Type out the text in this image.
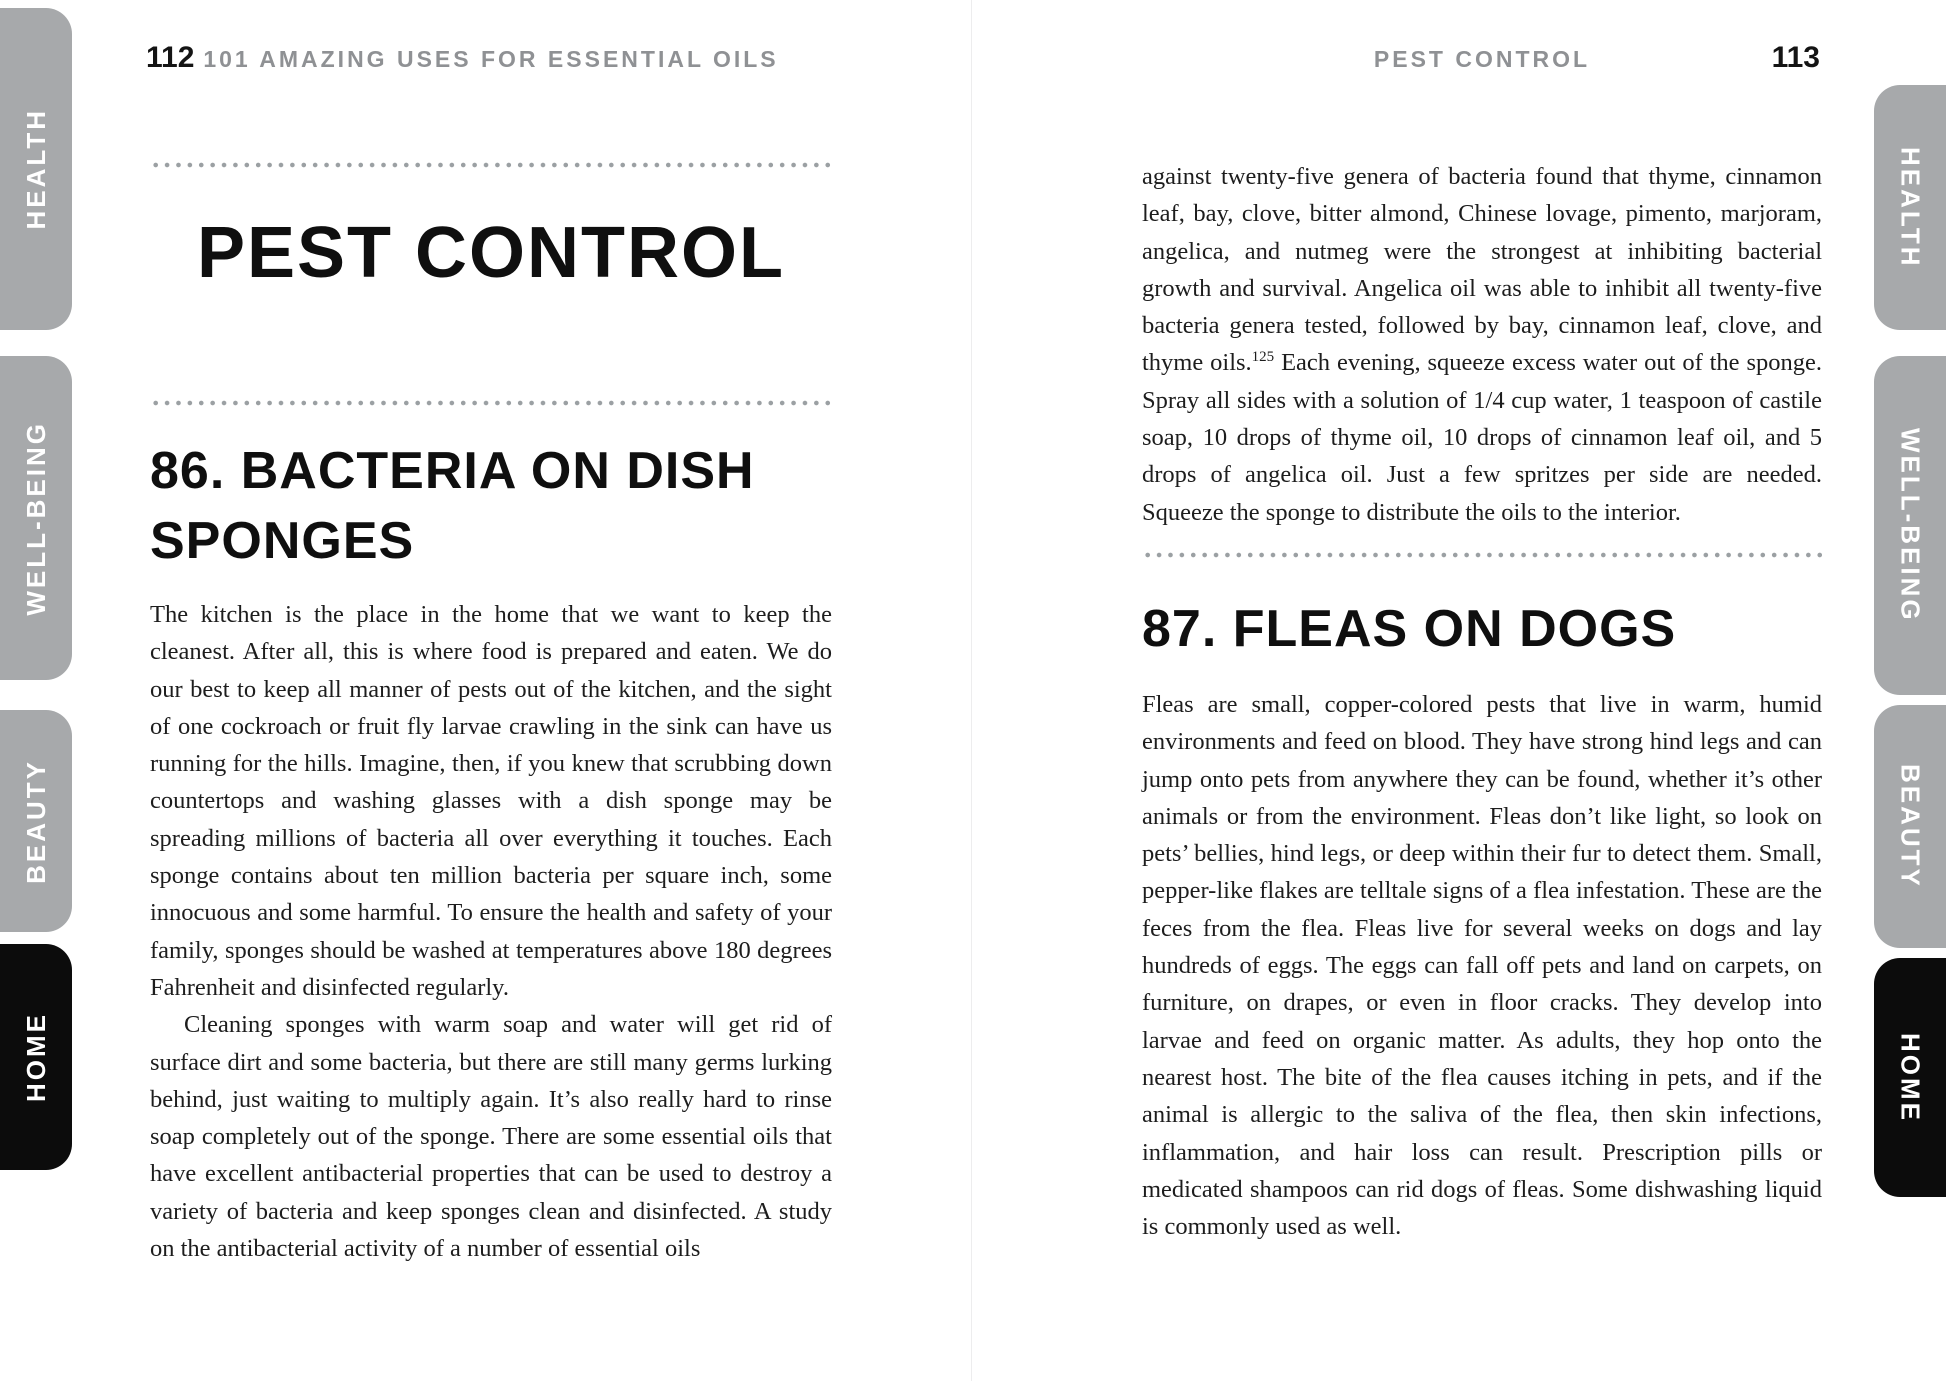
HEALTH
WELL-BEING
BEAUTY
HOME
HEALTH
WELL-BEING
BEAUTY
HOME
112 101 AMAZING USES FOR ESSENTIAL OILS
PEST CONTROL
86. BACTERIA ON DISH SPONGES

The kitchen is the place in the home that we want to keep the cleanest. After all, this is where food is prepared and eaten. We do our best to keep all manner of pests out of the kitchen, and the sight of one cockroach or fruit fly larvae crawling in the sink can have us running for the hills. Imagine, then, if you knew that scrubbing down countertops and washing glasses with a dish sponge may be spreading millions of bacteria all over everything it touches. Each sponge contains about ten million bacteria per square inch, some innocuous and some harmful. To ensure the health and safety of your family, sponges should be washed at temperatures above 180 degrees Fahrenheit and disinfected regularly.

Cleaning sponges with warm soap and water will get rid of surface dirt and some bacteria, but there are still many germs lurking behind, just waiting to multiply again. It’s also really hard to rinse soap completely out of the sponge. There are some essential oils that have excellent antibacterial properties that can be used to destroy a variety of bacteria and keep sponges clean and disinfected. A study on the antibacterial activity of a number of essential oils

PEST CONTROL	113

against twenty-five genera of bacteria found that thyme, cinnamon leaf, bay, clove, bitter almond, Chinese lovage, pimento, marjoram, angelica, and nutmeg were the strongest at inhibiting bacterial growth and survival. Angelica oil was able to inhibit all twenty-five bacteria genera tested, followed by bay, cinnamon leaf, clove, and thyme oils.$^{125}$ Each evening, squeeze excess water out of the sponge. Spray all sides with a solution of 1/4 cup water, 1 teaspoon of castile soap, 10 drops of thyme oil, 10 drops of cinnamon leaf oil, and 5 drops of angelica oil. Just a few spritzes per side are needed. Squeeze the sponge to distribute the oils to the interior.

87. FLEAS ON DOGS

Fleas are small, copper-colored pests that live in warm, humid environments and feed on blood. They have strong hind legs and can jump onto pets from anywhere they can be found, whether it’s other animals or from the environment. Fleas don’t like light, so look on pets’ bellies, hind legs, or deep within their fur to detect them. Small, pepper-like flakes are telltale signs of a flea infestation. These are the feces from the flea. Fleas live for several weeks on dogs and lay hundreds of eggs. The eggs can fall off pets and land on carpets, on furniture, on drapes, or even in floor cracks. They develop into larvae and feed on organic matter. As adults, they hop onto the nearest host. The bite of the flea causes itching in pets, and if the animal is allergic to the saliva of the flea, then skin infections, inflammation, and hair loss can result. Prescription pills or medicated shampoos can rid dogs of fleas. Some dishwashing liquid is commonly used as well.
